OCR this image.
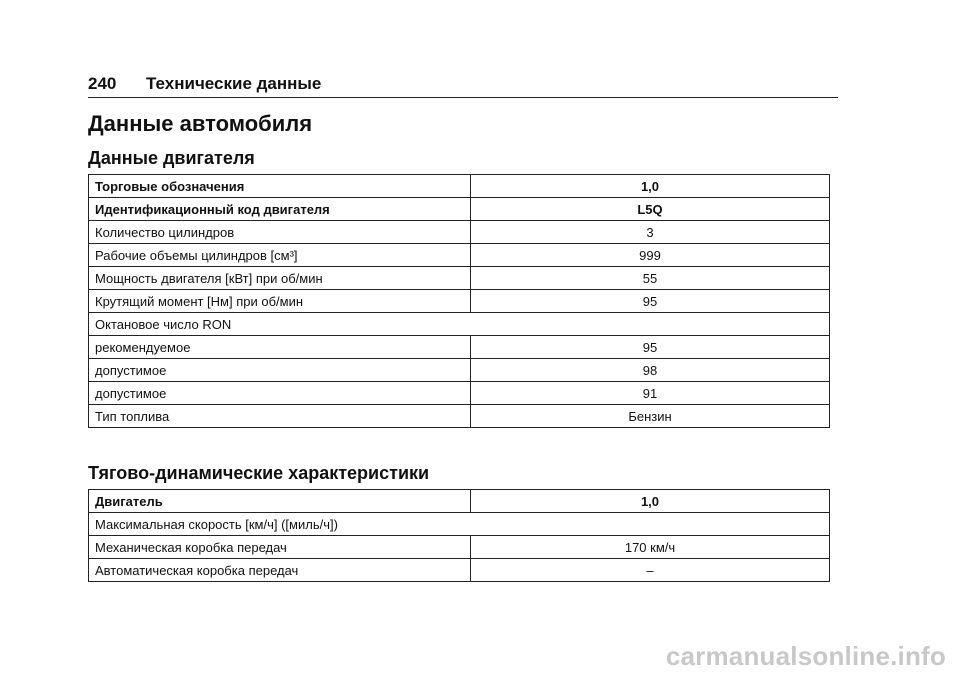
240 Технические данные
Данные автомобиля
Данные двигателя
Торговые обозначения	1,0
Идентификационный код двигателя	L5Q
Количество цилиндров	3
Рабочие объемы цилиндров [см³]	999
Мощность двигателя [кВт] при об/мин	55
Крутящий момент [Нм] при об/мин	95
Октановое число RON	
рекомендуемое	95
допустимое	98
допустимое	91
Тип топлива	Бензин
Тягово-динамические характеристики
Двигатель	1,0
Максимальная скорость [км/ч] ([миль/ч])	
Механическая коробка передач	170 км/ч
Автоматическая коробка передач	–
carmanualsonline.info
